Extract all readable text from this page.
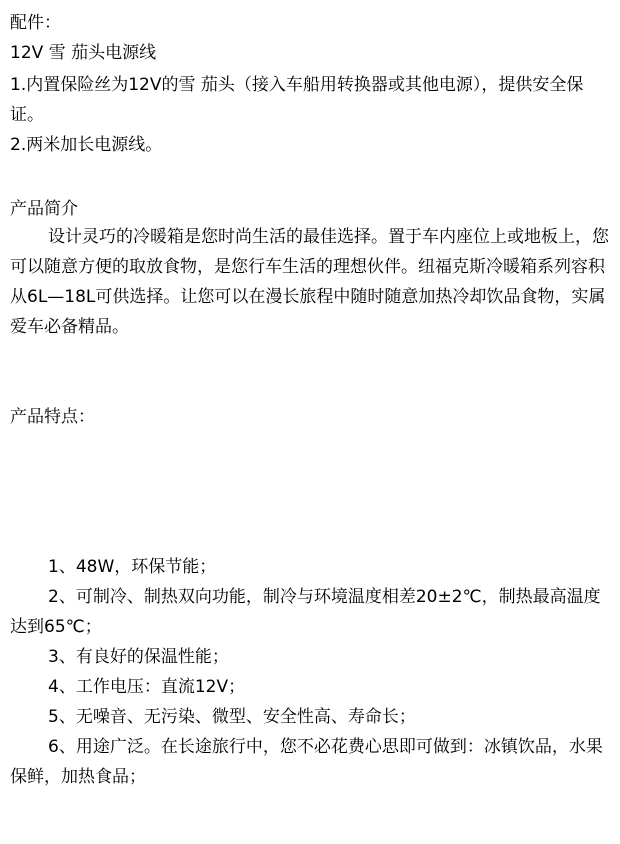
配件：
12V 雪 茄头电源线
1.内置保险丝为12V的雪 茄头（接入车船用转换器或其他电源），提供安全保证。
2.两米加长电源线。
产品简介
设计灵巧的冷暖箱是您时尚生活的最佳选择。置于车内座位上或地板上，您可以随意方便的取放食物，是您行车生活的理想伙伴。纽福克斯冷暖箱系列容积从6L—18L可供选择。让您可以在漫长旅程中随时随意加热冷却饮品食物，实属爱车必备精品。
产品特点：
1、48W，环保节能；
2、可制冷、制热双向功能，制冷与环境温度相差20±2℃，制热最高温度达到65℃；
3、有良好的保温性能；
4、工作电压：直流12V；
5、无噪音、无污染、微型、安全性高、寿命长；
6、用途广泛。在长途旅行中，您不必花费心思即可做到：冰镇饮品，水果保鲜，加热食品；
